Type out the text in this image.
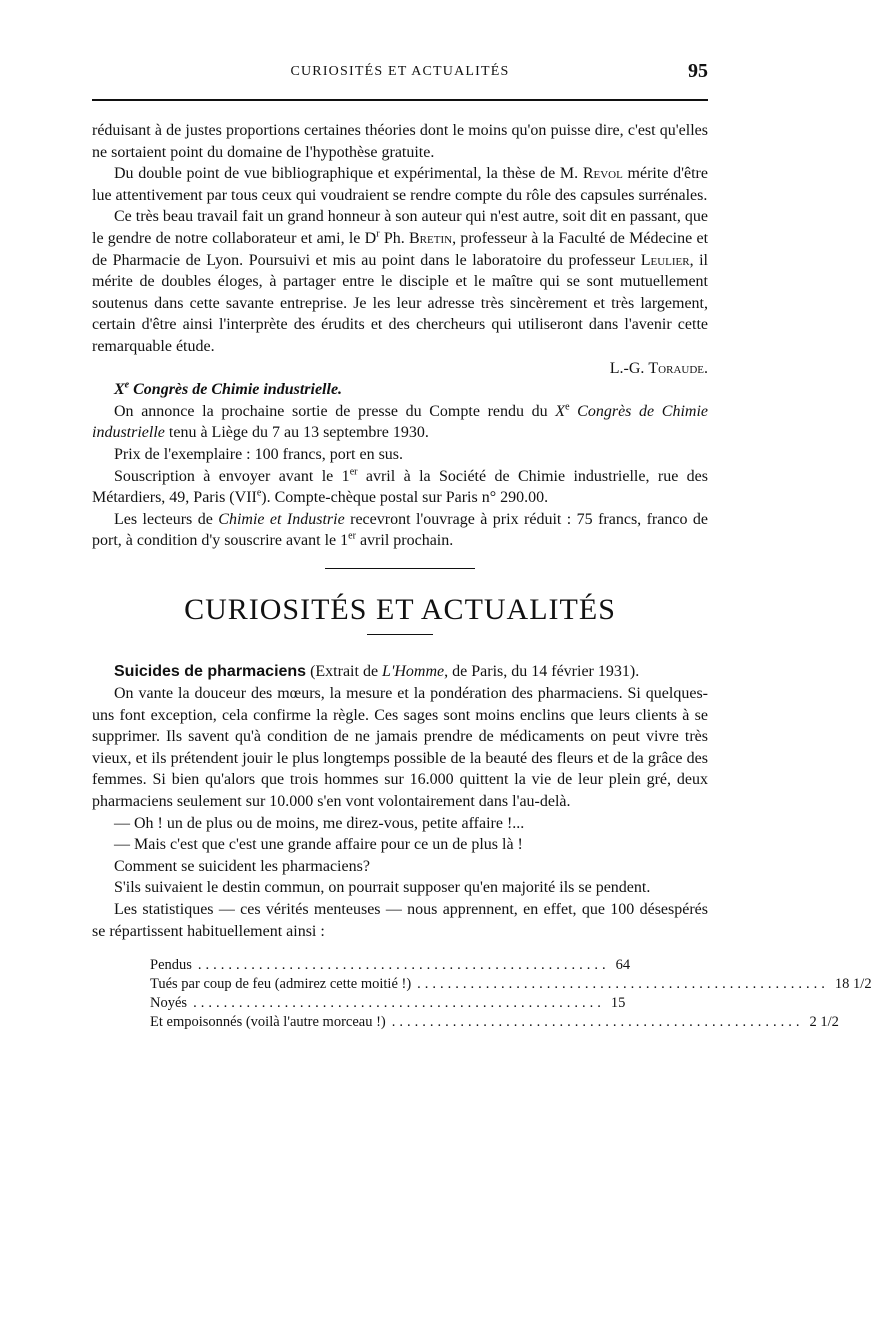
CURIOSITÉS ET ACTUALITÉS	95

réduisant à de justes proportions certaines théories dont le moins qu'on puisse dire, c'est qu'elles ne sortaient point du domaine de l'hypothèse gratuite.

Du double point de vue bibliographique et expérimental, la thèse de M. Revol mérite d'être lue attentivement par tous ceux qui voudraient se rendre compte du rôle des capsules surrénales.

Ce très beau travail fait un grand honneur à son auteur qui n'est autre, soit dit en passant, que le gendre de notre collaborateur et ami, le $D^r$ Ph. Bretin, professeur à la Faculté de Médecine et de Pharmacie de Lyon. Poursuivi et mis au point dans le laboratoire du professeur Leulier, il mérite de doubles éloges, à partager entre le disciple et le maître qui se sont mutuellement soutenus dans cette savante entreprise. Je les leur adresse très sincèrement et très largement, certain d'être ainsi l'interprète des érudits et des chercheurs qui utiliseront dans l'avenir cette remarquable étude.

L.-G. Toraude.

Xe Congrès de Chimie industrielle.

On annonce la prochaine sortie de presse du Compte rendu du Xe Congrès de Chimie industrielle tenu à Liège du 7 au 13 septembre 1930.

Prix de l'exemplaire : 100 francs, port en sus.

Souscription à envoyer avant le 1er avril à la Société de Chimie industrielle, rue des Métardiers, 49, Paris (VIIe). Compte-chèque postal sur Paris n° 290.00.

Les lecteurs de Chimie et Industrie recevront l'ouvrage à prix réduit : 75 francs, franco de port, à condition d'y souscrire avant le 1er avril prochain.

CURIOSITÉS ET ACTUALITÉS

Suicides de pharmaciens (Extrait de L'Homme, de Paris, du 14 février 1931).

On vante la douceur des mœurs, la mesure et la pondération des pharmaciens. Si quelques-uns font exception, cela confirme la règle. Ces sages sont moins enclins que leurs clients à se supprimer. Ils savent qu'à condition de ne jamais prendre de médicaments on peut vivre très vieux, et ils prétendent jouir le plus longtemps possible de la beauté des fleurs et de la grâce des femmes. Si bien qu'alors que trois hommes sur 16.000 quittent la vie de leur plein gré, deux pharmaciens seulement sur 10.000 s'en vont volontairement dans l'au-delà.

— Oh ! un de plus ou de moins, me direz-vous, petite affaire !...

— Mais c'est que c'est une grande affaire pour ce un de plus là !

Comment se suicident les pharmaciens?

S'ils suivaient le destin commun, on pourrait supposer qu'en majorité ils se pendent.

Les statistiques — ces vérités menteuses — nous apprennent, en effet, que 100 désespérés se répartissent habituellement ainsi :

Pendus ...................................................... 64
Tués par coup de feu (admirez cette moitié !) ...................................................... 18 1/2
Noyés ...................................................... 15
Et empoisonnés (voilà l'autre morceau !) ...................................................... 2 1/2
